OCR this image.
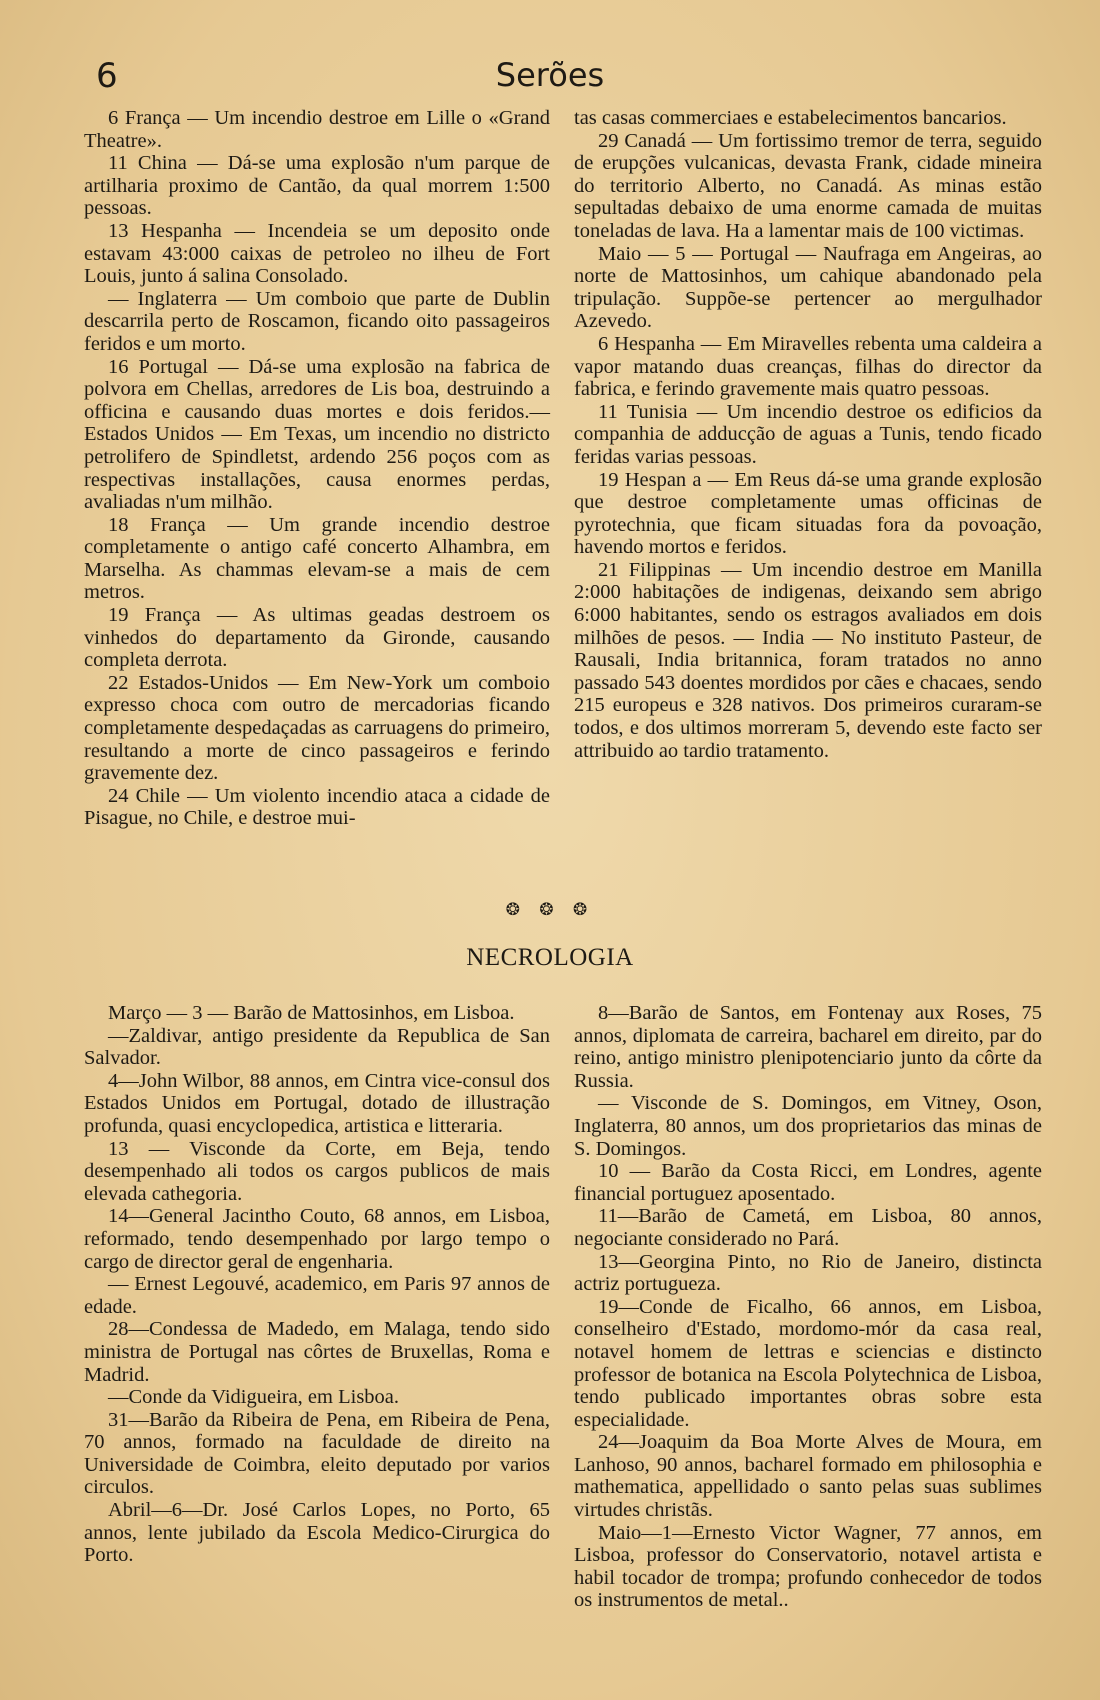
6	Serões

6 França — Um incendio destroe em Lille o «Grand Theatre».

11 China — Dá-se uma explosão n'um parque de artilharia proximo de Cantão, da qual morrem 1:500 pessoas.

13 Hespanha — Incendeia se um deposito onde estavam 43:000 caixas de petroleo no ilheu de Fort Louis, junto á salina Consolado.

— Inglaterra — Um comboio que parte de Dublin descarrila perto de Roscamon, ficando oito passageiros feridos e um morto.

16 Portugal — Dá-se uma explosão na fabrica de polvora em Chellas, arredores de Lis boa, destruindo a officina e causando duas mortes e dois feridos.— Estados Unidos — Em Texas, um incendio no districto petrolifero de Spindletst, ardendo 256 poços com as respectivas installações, causa enormes perdas, avaliadas n'um milhão.

18 França — Um grande incendio destroe completamente o antigo café concerto Alhambra, em Marselha. As chammas elevam-se a mais de cem metros.

19 França — As ultimas geadas destroem os vinhedos do departamento da Gironde, causando completa derrota.

22 Estados-Unidos — Em New-York um comboio expresso choca com outro de mercadorias ficando completamente despedaçadas as carruagens do primeiro, resultando a morte de cinco passageiros e ferindo gravemente dez.

24 Chile — Um violento incendio ataca a cidade de Pisague, no Chile, e destroe mui-

tas casas commerciaes e estabelecimentos bancarios.

29 Canadá — Um fortissimo tremor de terra, seguido de erupções vulcanicas, devasta Frank, cidade mineira do territorio Alberto, no Canadá. As minas estão sepultadas debaixo de uma enorme camada de muitas toneladas de lava. Ha a lamentar mais de 100 victimas.

Maio — 5 — Portugal — Naufraga em Angeiras, ao norte de Mattosinhos, um cahique abandonado pela tripulação. Suppõe-se pertencer ao mergulhador Azevedo.

6 Hespanha — Em Miravelles rebenta uma caldeira a vapor matando duas creanças, filhas do director da fabrica, e ferindo gravemente mais quatro pessoas.

11 Tunisia — Um incendio destroe os edificios da companhia de adducção de aguas a Tunis, tendo ficado feridas varias pessoas.

19 Hespan a — Em Reus dá-se uma grande explosão que destroe completamente umas officinas de pyrotechnia, que ficam situadas fora da povoação, havendo mortos e feridos.

21 Filippinas — Um incendio destroe em Manilla 2:000 habitações de indigenas, deixando sem abrigo 6:000 habitantes, sendo os estragos avaliados em dois milhões de pesos. — India — No instituto Pasteur, de Rausali, India britannica, foram tratados no anno passado 543 doentes mordidos por cães e chacaes, sendo 215 europeus e 328 nativos. Dos primeiros curaram-se todos, e dos ultimos morreram 5, devendo este facto ser attribuido ao tardio tratamento.

❂ ❂ ❂
NECROLOGIA

Março — 3 — Barão de Mattosinhos, em Lisboa.

—Zaldivar, antigo presidente da Republica de San Salvador.

4—John Wilbor, 88 annos, em Cintra vice-consul dos Estados Unidos em Portugal, dotado de illustração profunda, quasi encyclopedica, artistica e litteraria.

13 — Visconde da Corte, em Beja, tendo desempenhado ali todos os cargos publicos de mais elevada cathegoria.

14—General Jacintho Couto, 68 annos, em Lisboa, reformado, tendo desempenhado por largo tempo o cargo de director geral de engenharia.

— Ernest Legouvé, academico, em Paris 97 annos de edade.

28—Condessa de Madedo, em Malaga, tendo sido ministra de Portugal nas côrtes de Bruxellas, Roma e Madrid.

—Conde da Vidigueira, em Lisboa.

31—Barão da Ribeira de Pena, em Ribeira de Pena, 70 annos, formado na faculdade de direito na Universidade de Coimbra, eleito deputado por varios circulos.

Abril—6—Dr. José Carlos Lopes, no Porto, 65 annos, lente jubilado da Escola Medico-Cirurgica do Porto.

8—Barão de Santos, em Fontenay aux Roses, 75 annos, diplomata de carreira, bacharel em direito, par do reino, antigo ministro plenipotenciario junto da côrte da Russia.

— Visconde de S. Domingos, em Vitney, Oson, Inglaterra, 80 annos, um dos proprietarios das minas de S. Domingos.

10 — Barão da Costa Ricci, em Londres, agente financial portuguez aposentado.

11—Barão de Cametá, em Lisboa, 80 annos, negociante considerado no Pará.

13—Georgina Pinto, no Rio de Janeiro, distincta actriz portugueza.

19—Conde de Ficalho, 66 annos, em Lisboa, conselheiro d'Estado, mordomo-mór da casa real, notavel homem de lettras e sciencias e distincto professor de botanica na Escola Polytechnica de Lisboa, tendo publicado importantes obras sobre esta especialidade.

24—Joaquim da Boa Morte Alves de Moura, em Lanhoso, 90 annos, bacharel formado em philosophia e mathematica, appellidado o santo pelas suas sublimes virtudes christãs.

Maio—1—Ernesto Victor Wagner, 77 annos, em Lisboa, professor do Conservatorio, notavel artista e habil tocador de trompa; profundo conhecedor de todos os instrumentos de metal..
